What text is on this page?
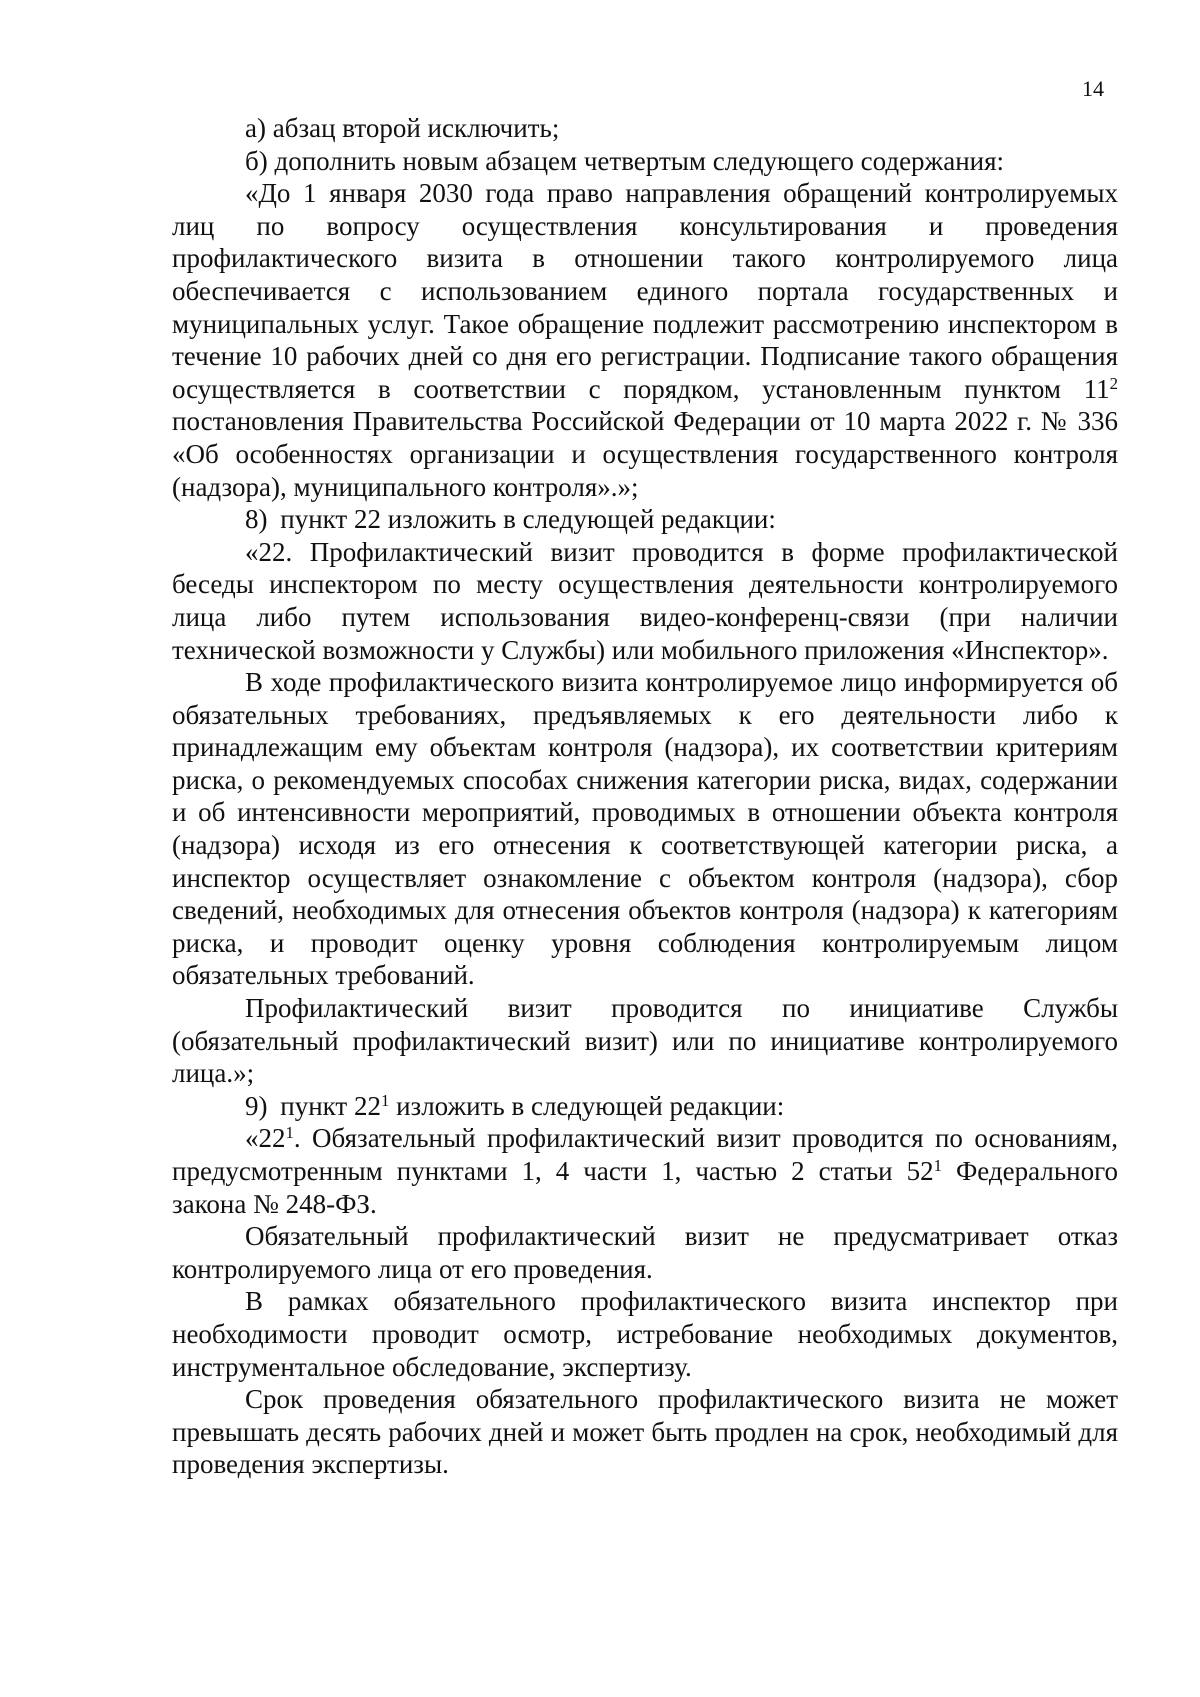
14

а) абзац второй исключить;

б) дополнить новым абзацем четвертым следующего содержания:

«До 1 января 2030 года право направления обращений контролируемых лиц по вопросу осуществления консультирования и проведения профилактического визита в отношении такого контролируемого лица обеспечивается с использованием единого портала государственных и муниципальных услуг. Такое обращение подлежит рассмотрению инспектором в течение 10 рабочих дней со дня его регистрации. Подписание такого обращения осуществляется в соответствии с порядком, установленным пунктом $11^2$ постановления Правительства Российской Федерации от 10 марта 2022 г. № 336 «Об особенностях организации и осуществления государственного контроля (надзора), муниципального контроля».»;

8) пункт 22 изложить в следующей редакции:

«22. Профилактический визит проводится в форме профилактической беседы инспектором по месту осуществления деятельности контролируемого лица либо путем использования видео-конференц-связи (при наличии технической возможности у Службы) или мобильного приложения «Инспектор».

В ходе профилактического визита контролируемое лицо информируется об обязательных требованиях, предъявляемых к его деятельности либо к принадлежащим ему объектам контроля (надзора), их соответствии критериям риска, о рекомендуемых способах снижения категории риска, видах, содержании и об интенсивности мероприятий, проводимых в отношении объекта контроля (надзора) исходя из его отнесения к соответствующей категории риска, а инспектор осуществляет ознакомление с объектом контроля (надзора), сбор сведений, необходимых для отнесения объектов контроля (надзора) к категориям риска, и проводит оценку уровня соблюдения контролируемым лицом обязательных требований.

Профилактический визит проводится по инициативе Службы (обязательный профилактический визит) или по инициативе контролируемого лица.»;

9) пункт $22^1$ изложить в следующей редакции:

«$22^1$. Обязательный профилактический визит проводится по основаниям, предусмотренным пунктами 1, 4 части 1, частью 2 статьи $52^1$ Федерального закона № 248-ФЗ.

Обязательный профилактический визит не предусматривает отказ контролируемого лица от его проведения.

В рамках обязательного профилактического визита инспектор при необходимости проводит осмотр, истребование необходимых документов, инструментальное обследование, экспертизу.

Срок проведения обязательного профилактического визита не может превышать десять рабочих дней и может быть продлен на срок, необходимый для проведения экспертизы.
